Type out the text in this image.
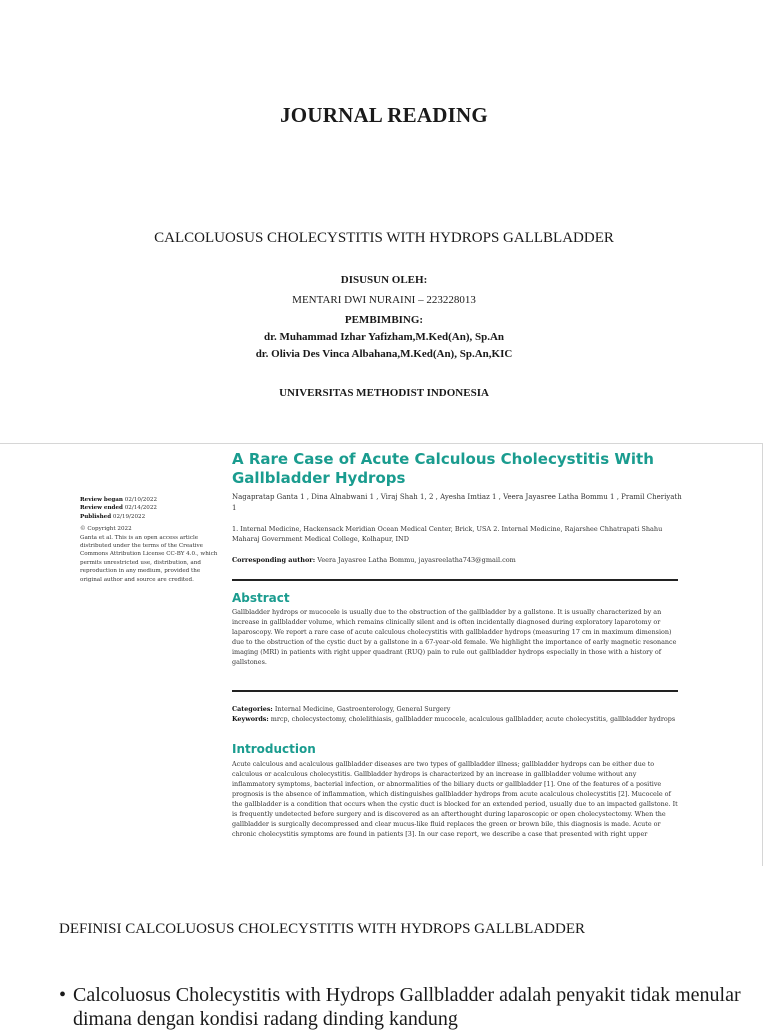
JOURNAL READING
CALCOLUOSUS CHOLECYSTITIS WITH HYDROPS GALLBLADDER
DISUSUN OLEH:
MENTARI DWI NURAINI – 223228013
PEMBIMBING:
dr. Muhammad Izhar Yafizham,M.Ked(An), Sp.An
dr. Olivia Des Vinca Albahana,M.Ked(An), Sp.An,KIC
UNIVERSITAS METHODIST INDONESIA
Review began 02/10/2022
Review ended 02/14/2022
Published 02/19/2022
© Copyright 2022
Ganta et al. This is an open access article distributed under the terms of the Creative Commons Attribution License CC-BY 4.0., which permits unrestricted use, distribution, and reproduction in any medium, provided the original author and source are credited.
A Rare Case of Acute Calculous Cholecystitis With Gallbladder Hydrops
Nagapratap Ganta 1 , Dina Alnabwani 1 , Viraj Shah 1, 2 , Ayesha Imtiaz 1 , Veera Jayasree Latha Bommu 1 , Pramil Cheriyath 1
1. Internal Medicine, Hackensack Meridian Ocean Medical Center, Brick, USA 2. Internal Medicine, Rajarshee Chhatrapati Shahu Maharaj Government Medical College, Kolhapur, IND
Corresponding author: Veera Jayasree Latha Bommu, jayasreelatha743@gmail.com
Abstract
Gallbladder hydrops or mucocele is usually due to the obstruction of the gallbladder by a gallstone. It is usually characterized by an increase in gallbladder volume, which remains clinically silent and is often incidentally diagnosed during exploratory laparotomy or laparoscopy. We report a rare case of acute calculous cholecystitis with gallbladder hydrops (measuring 17 cm in maximum dimension) due to the obstruction of the cystic duct by a gallstone in a 67-year-old female. We highlight the importance of early magnetic resonance imaging (MRI) in patients with right upper quadrant (RUQ) pain to rule out gallbladder hydrops especially in those with a history of gallstones.
Categories: Internal Medicine, Gastroenterology, General Surgery
Keywords: mrcp, cholecystectomy, cholelithiasis, gallbladder mucocele, acalculous gallbladder, acute cholecystitis, gallbladder hydrops
Introduction
Acute calculous and acalculous gallbladder diseases are two types of gallbladder illness; gallbladder hydrops can be either due to calculous or acalculous cholecystitis. Gallbladder hydrops is characterized by an increase in gallbladder volume without any inflammatory symptoms, bacterial infection, or abnormalities of the biliary ducts or gallbladder [1]. One of the features of a positive prognosis is the absence of inflammation, which distinguishes gallbladder hydrops from acute acalculous cholecystitis [2]. Mucocele of the gallbladder is a condition that occurs when the cystic duct is blocked for an extended period, usually due to an impacted gallstone. It is frequently undetected before surgery and is discovered as an afterthought during laparoscopic or open cholecystectomy. When the gallbladder is surgically decompressed and clear mucus-like fluid replaces the green or brown bile, this diagnosis is made. Acute or chronic cholecystitis symptoms are found in patients [3]. In our case report, we describe a case that presented with right upper
DEFINISI CALCOLUOSUS CHOLECYSTITIS WITH HYDROPS GALLBLADDER
• Calcoluosus Cholecystitis with Hydrops Gallbladder adalah penyakit tidak menular dimana dengan kondisi radang dinding kandung
